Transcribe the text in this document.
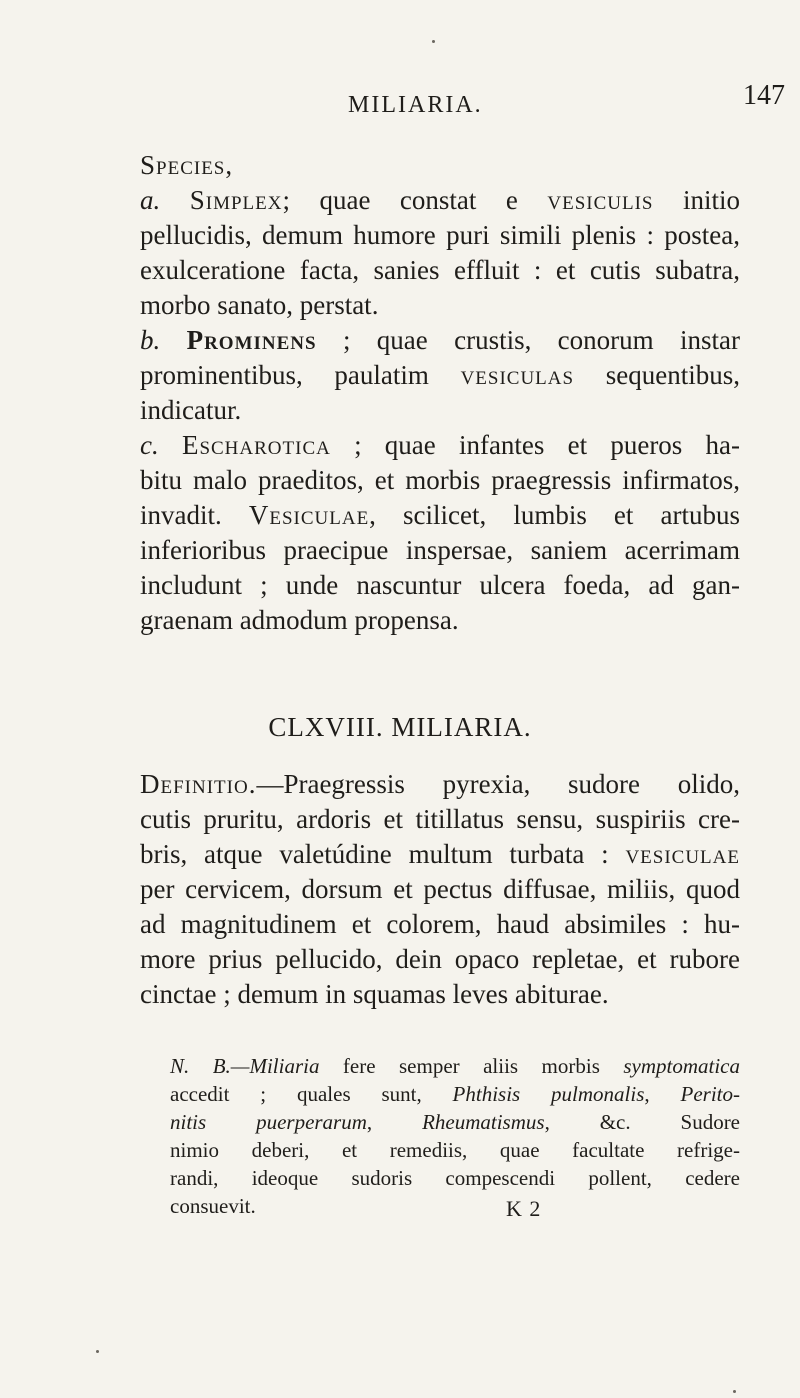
MILIARIA.	147
Species,
a. Simplex; quae constat e vesiculis initio
pellucidis, demum humore puri simili plenis : postea,
exulceratione facta, sanies effluit : et cutis subatra,
morbo sanato, perstat.
b. Prominens ; quae crustis, conorum instar
prominentibus, paulatim vesiculas sequentibus,
indicatur.
c. Escharotica ; quae infantes et pueros ha-
bitu malo praeditos, et morbis praegressis infirmatos,
invadit. Vesiculae, scilicet, lumbis et artubus
inferioribus praecipue inspersae, saniem acerrimam
includunt ; unde nascuntur ulcera foeda, ad gan-
graenam admodum propensa.
CLXVIII. MILIARIA.
Definitio.—Praegressis pyrexia, sudore olido,
cutis pruritu, ardoris et titillatus sensu, suspiriis cre-
bris, atque valetúdine multum turbata : vesiculae
per cervicem, dorsum et pectus diffusae, miliis, quod
ad magnitudinem et colorem, haud absimiles : hu-
more prius pellucido, dein opaco repletae, et rubore
cinctae ; demum in squamas leves abiturae.
N. B.—Miliaria fere semper aliis morbis symptomatica
accedit ; quales sunt, Phthisis pulmonalis, Perito-
nitis puerperarum, Rheumatismus, &c. Sudore
nimio deberi, et remediis, quae facultate refrige-
randi, ideoque sudoris compescendi pollent, cedere
consuevit.	K 2
